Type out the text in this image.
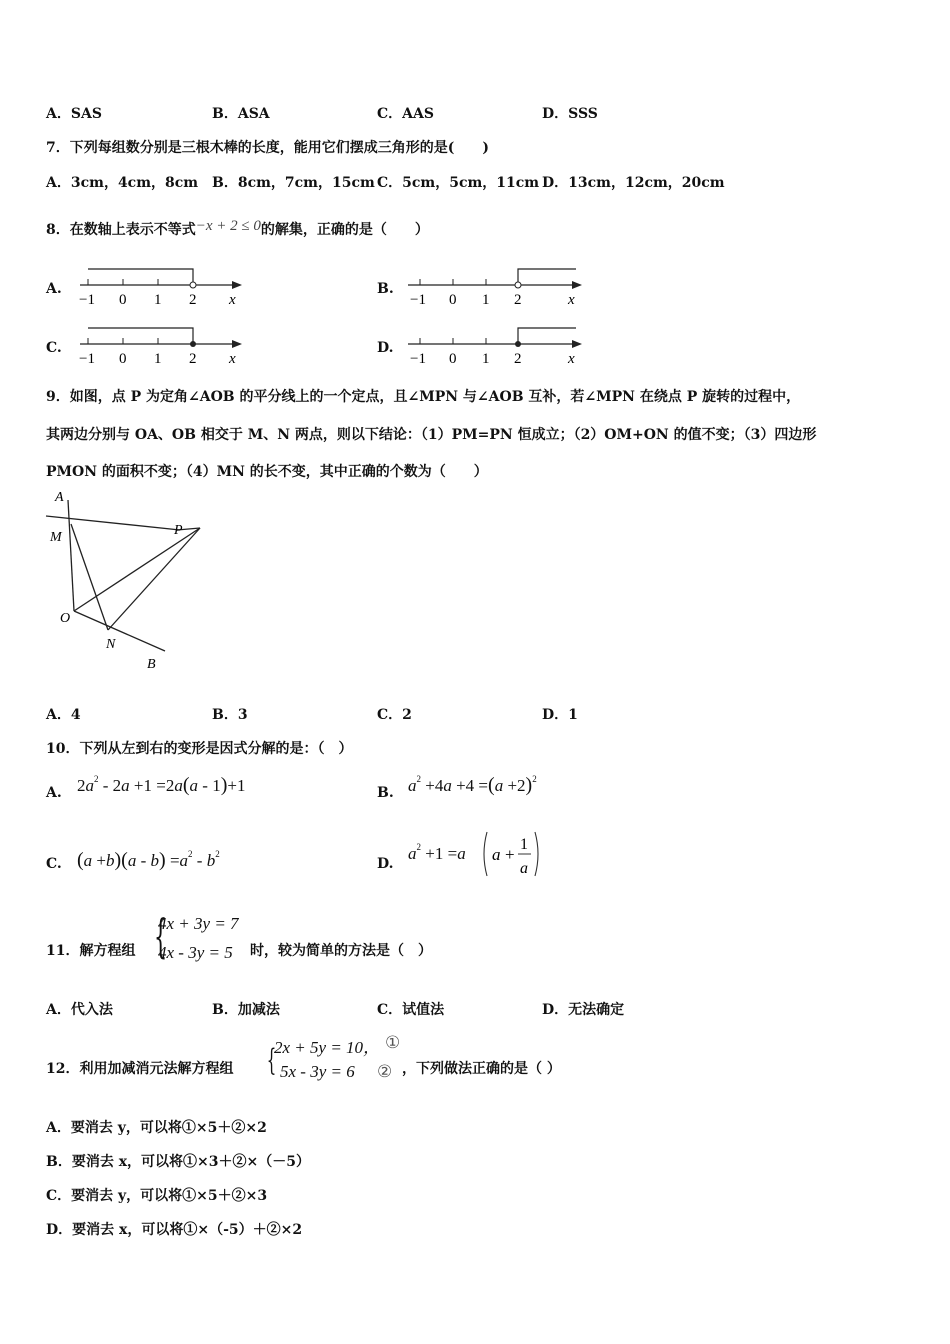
A．SAS	B．ASA	C．AAS	D．SSS
7．下列每组数分别是三根木棒的长度，能用它们摆成三角形的是(　　)
A．3cm，4cm，8cm B．8cm，7cm，15cm C．5cm，5cm，11cm D．13cm，12cm，20cm
8．在数轴上表示不等式−x + 2 ≤ 0的解集，正确的是（　　）
A.	B.
C.	D.
−1 0 1 2 x	−1 0 1 2	x
−1 0 1 2 x	−1 0 1 2	x
9．如图，点 P 为定角∠AOB 的平分线上的一个定点，且∠MPN 与∠AOB 互补，若∠MPN 在绕点 P 旋转的过程中，
其两边分别与 OA、OB 相交于 M、N 两点，则以下结论：（1）PM=PN 恒成立；（2）OM+ON 的值不变；（3）四边形
PMON 的面积不变；（4）MN 的长不变，其中正确的个数为（　　）
A
M	P
O
N
B
A．4	B．3	C．2	D．1
10．下列从左到右的变形是因式分解的是：（　）
A. $2a^2 - 2a +1 =2a(a - 1)+1$	B. $a^2 +4a +4 =(a +2)^2$
C. $(a +b)(a - b) =a^2 - b^2$
D.
$a^2 +1 =a$ a +
1
a
11．解方程组 {
4x + 3y = 7
4x - 3y = 5 时，较为简单的方法是（　）
A．代入法	B．加减法	C．试值法	D．无法确定
12．利用加减消元法解方程组 {
2x + 5y = 10， ①
5x - 3y = 6 ② ，下列做法正确的是（ ）
A．要消去 y，可以将①×5＋②×2
B．要消去 x，可以将①×3＋②×（－5）
C．要消去 y，可以将①×5＋②×3
D．要消去 x，可以将①×（-5）＋②×2
